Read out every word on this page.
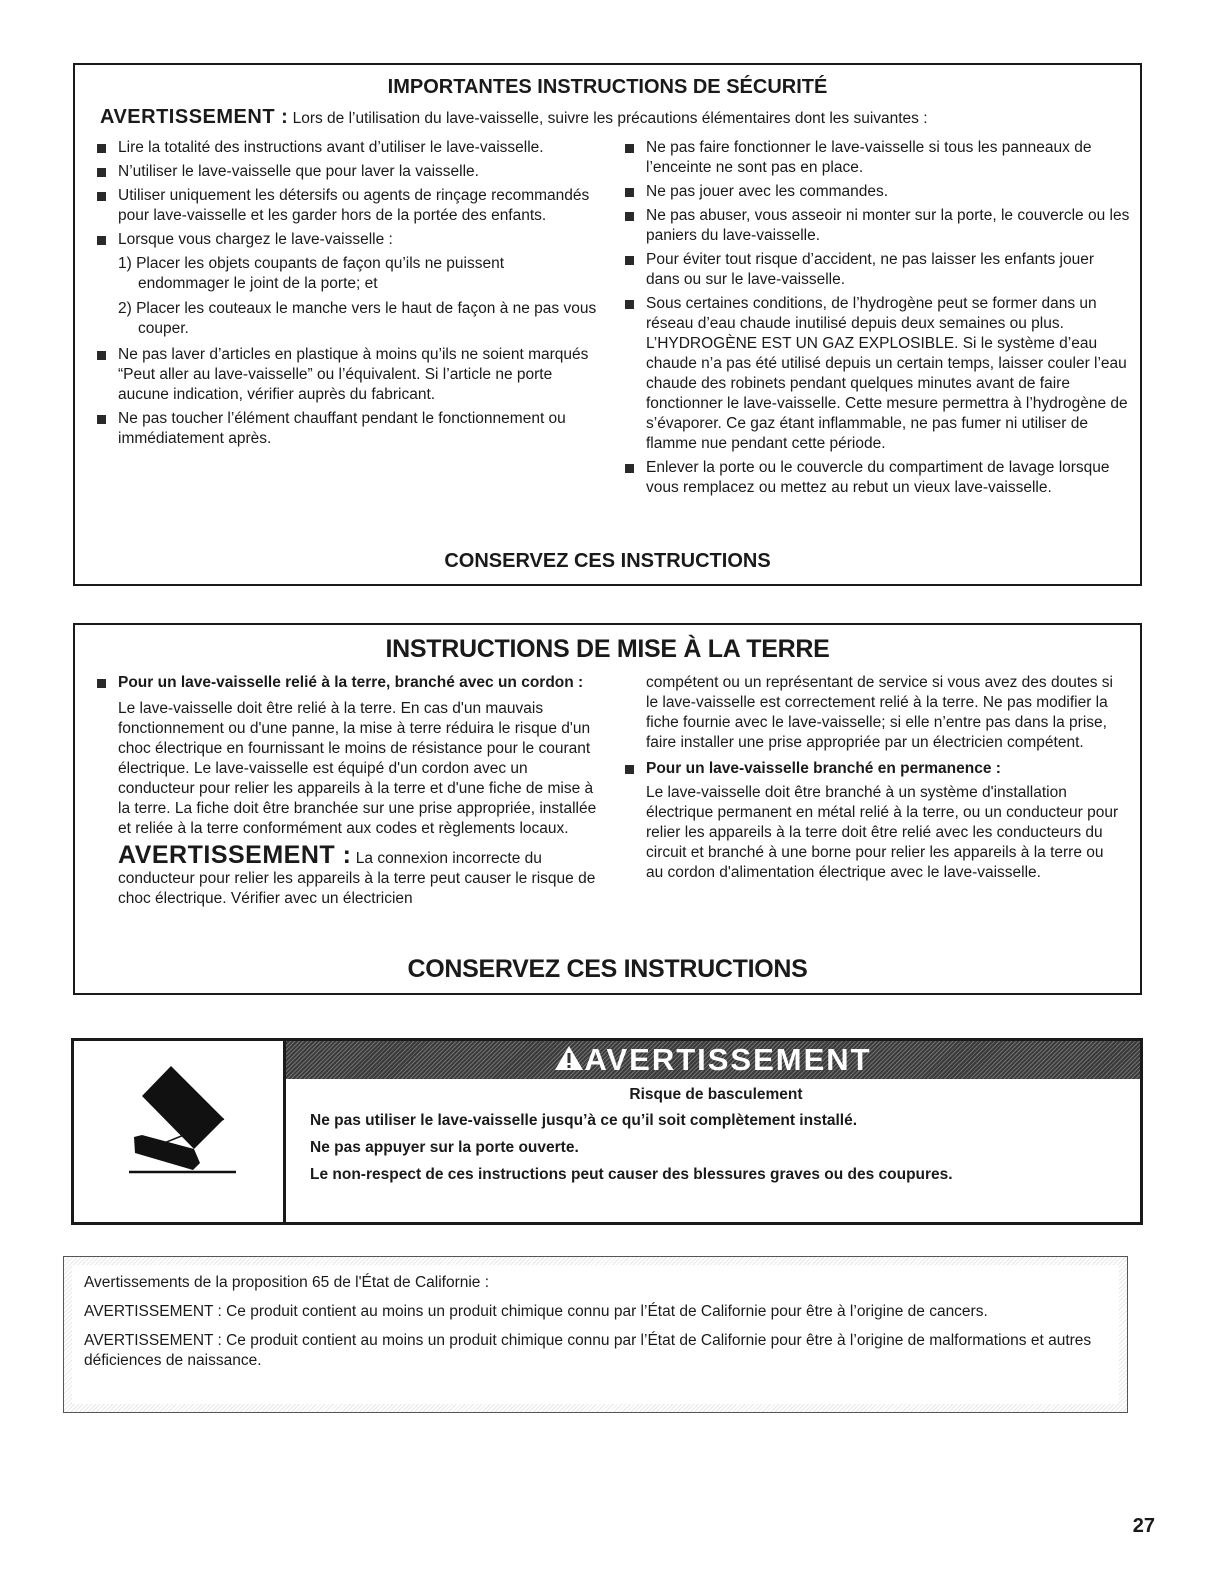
IMPORTANTES INSTRUCTIONS DE SÉCURITÉ
AVERTISSEMENT : Lors de l’utilisation du lave-vaisselle, suivre les précautions élémentaires dont les suivantes :
Lire la totalité des instructions avant d’utiliser le lave-vaisselle.
N’utiliser le lave-vaisselle que pour laver la vaisselle.
Utiliser uniquement les détersifs ou agents de rinçage recommandés pour lave-vaisselle et les garder hors de la portée des enfants.
Lorsque vous chargez le lave-vaisselle :
1) Placer les objets coupants de façon qu’ils ne puissent endommager le joint de la porte; et
2) Placer les couteaux le manche vers le haut de façon à ne pas vous couper.
Ne pas laver d’articles en plastique à moins qu’ils ne soient marqués “Peut aller au lave-vaisselle” ou l’équivalent. Si l’article ne porte aucune indication, vérifier auprès du fabricant.
Ne pas toucher l’élément chauffant pendant le fonctionnement ou immédiatement après.
Ne pas faire fonctionner le lave-vaisselle si tous les panneaux de l’enceinte ne sont pas en place.
Ne pas jouer avec les commandes.
Ne pas abuser, vous asseoir ni monter sur la porte, le couvercle ou les paniers du lave-vaisselle.
Pour éviter tout risque d’accident, ne pas laisser les enfants jouer dans ou sur le lave-vaisselle.
Sous certaines conditions, de l’hydrogène peut se former dans un réseau d’eau chaude inutilisé depuis deux semaines ou plus. L’HYDROGÈNE EST UN GAZ EXPLOSIBLE. Si le système d’eau chaude n’a pas été utilisé depuis un certain temps, laisser couler l’eau chaude des robinets pendant quelques minutes avant de faire fonctionner le lave-vaisselle. Cette mesure permettra à l’hydrogène de s’évaporer. Ce gaz étant inflammable, ne pas fumer ni utiliser de flamme nue pendant cette période.
Enlever la porte ou le couvercle du compartiment de lavage lorsque vous remplacez ou mettez au rebut un vieux lave-vaisselle.
CONSERVEZ CES INSTRUCTIONS
INSTRUCTIONS DE MISE À LA TERRE
Pour un lave-vaisselle relié à la terre, branché avec un cordon :
Le lave-vaisselle doit être relié à la terre. En cas d'un mauvais fonctionnement ou d'une panne, la mise à terre réduira le risque d'un choc électrique en fournissant le moins de résistance pour le courant électrique. Le lave-vaisselle est équipé d'un cordon avec un conducteur pour relier les appareils à la terre et d'une fiche de mise à la terre. La fiche doit être branchée sur une prise appropriée, installée et reliée à la terre conformément aux codes et règlements locaux.
AVERTISSEMENT : La connexion incorrecte du conducteur pour relier les appareils à la terre peut causer le risque de choc électrique. Vérifier avec un électricien
compétent ou un représentant de service si vous avez des doutes si le lave-vaisselle est correctement relié à la terre. Ne pas modifier la fiche fournie avec le lave-vaisselle; si elle n’entre pas dans la prise, faire installer une prise appropriée par un électricien compétent.
Pour un lave-vaisselle branché en permanence :
Le lave-vaisselle doit être branché à un système d'installation électrique permanent en métal relié à la terre, ou un conducteur pour relier les appareils à la terre doit être relié avec les conducteurs du circuit et branché à une borne pour relier les appareils à la terre ou au cordon d'alimentation électrique avec le lave-vaisselle.
CONSERVEZ CES INSTRUCTIONS
AVERTISSEMENT
Risque de basculement
Ne pas utiliser le lave-vaisselle jusqu’à ce qu’il soit complètement installé.
Ne pas appuyer sur la porte ouverte.
Le non-respect de ces instructions peut causer des blessures graves ou des coupures.
Avertissements de la proposition 65 de l'État de Californie :
AVERTISSEMENT : Ce produit contient au moins un produit chimique connu par l’État de Californie pour être à l’origine de cancers.
AVERTISSEMENT : Ce produit contient au moins un produit chimique connu par l’État de Californie pour être à l’origine de malformations et autres déficiences de naissance.
27
